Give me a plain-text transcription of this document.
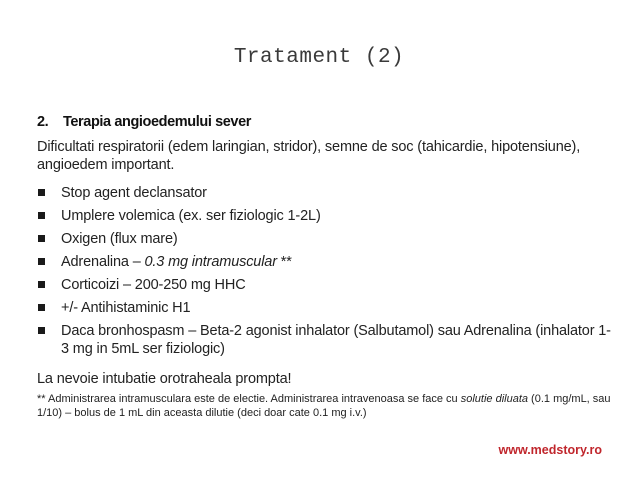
Tratament (2)
2.	Terapia angioedemului sever

Dificultati respiratorii (edem laringian, stridor), semne de soc (tahicardie, hipotensiune), angioedem important.

Stop agent declansator
Umplere volemica (ex. ser fiziologic 1-2L)
Oxigen (flux mare)
Adrenalina – 0.3 mg intramuscular **
Corticoizi – 200-250 mg HHC
+/- Antihistaminic H1
Daca bronhospasm – Beta-2 agonist inhalator (Salbutamol) sau Adrenalina (inhalator 1-3 mg in 5mL ser fiziologic)

La nevoie intubatie orotraheala prompta!

** Administrarea intramusculara este de electie. Administrarea intravenoasa se face cu solutie diluata (0.1 mg/mL, sau 1/10) – bolus de 1 mL din aceasta dilutie (deci doar cate 0.1 mg i.v.)

www.medstory.ro
